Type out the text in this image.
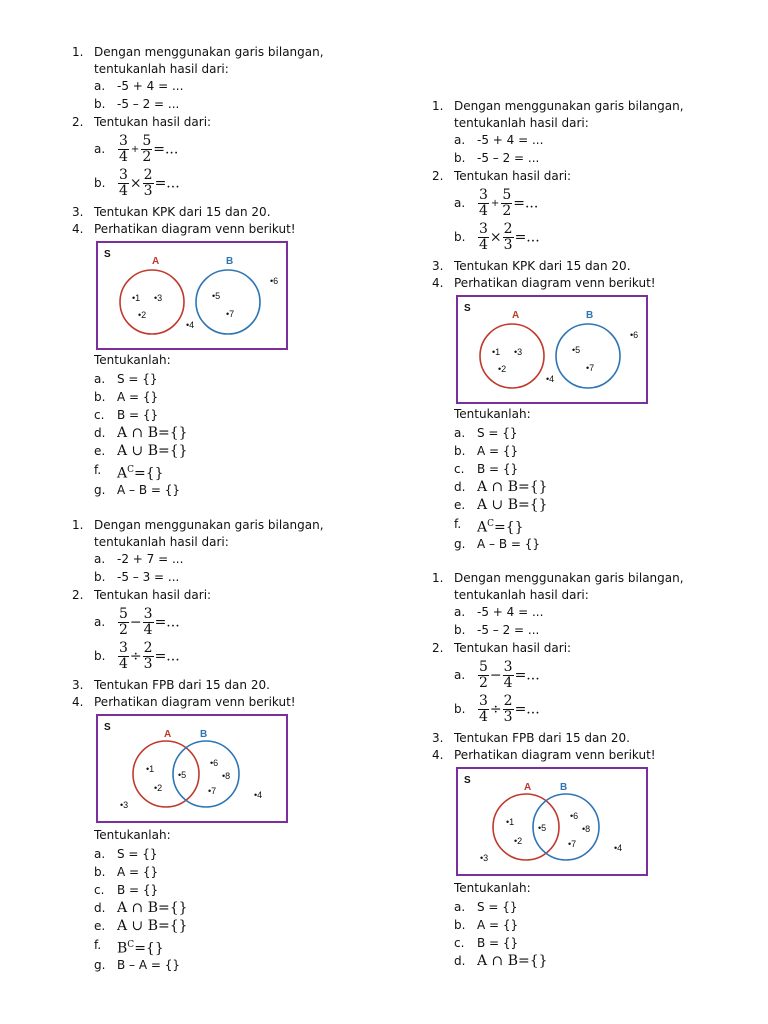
1. Dengan menggunakan garis bilangan,
tentukanlah hasil dari:
a. -5 + 4 = ...
b. -5 – 2 = ...
2. Tentukan hasil dari:
a. $\frac{3}{4} + \frac{5}{2}$ =...
b. $\frac{3}{4} \times \frac{2}{3}$ =...
3. Tentukan KPK dari 15 dan 20.
4. Perhatikan diagram venn berikut!
S
A	B
•1 •3
•2
•5
•7
•6
•4
Tentukanlah:
a. S = {}
b. A = {}
c. B = {}
d. A ∩ B={}
e. A ∪ B={}
f. $A^C=\{\}$
g. A – B = {}
1. Dengan menggunakan garis bilangan,
tentukanlah hasil dari:
a. -5 + 4 = ...
b. -5 – 2 = ...
2. Tentukan hasil dari:
a. $\frac{3}{4} + \frac{5}{2}$ =...
b. $\frac{3}{4} \times \frac{2}{3}$ =...
3. Tentukan KPK dari 15 dan 20.
4. Perhatikan diagram venn berikut!
S
A	B
•1 •3
•2
•5
•7
•6
•4
Tentukanlah:
a. S = {}
b. A = {}
c. B = {}
d. A ∩ B={}
e. A ∪ B={}
f. $A^C=\{\}$
g. A – B = {}
1. Dengan menggunakan garis bilangan,
tentukanlah hasil dari:
a. -2 + 7 = ...
b. -5 – 3 = ...
2. Tentukan hasil dari:
a. $\frac{5}{2} - \frac{3}{4}$ =...
b. $\frac{3}{4} \div \frac{2}{3}$ =...
3. Tentukan FPB dari 15 dan 20.
4. Perhatikan diagram venn berikut!
S
A	B
•1
•2
•5
•6
•8
•7	•4
•3
Tentukanlah:
a. S = {}
b. A = {}
c. B = {}
d. A ∩ B={}
e. A ∪ B={}
f. $B^C=\{\}$
g. B – A = {}
1. Dengan menggunakan garis bilangan,
tentukanlah hasil dari:
a. -5 + 4 = ...
b. -5 – 2 = ...
2. Tentukan hasil dari:
a. $\frac{5}{2} - \frac{3}{4}$ =...
b. $\frac{3}{4} \div \frac{2}{3}$ =...
3. Tentukan FPB dari 15 dan 20.
4. Perhatikan diagram venn berikut!
S
A	B
•1
•2
•5
•6
•8
•7	•4
•3
Tentukanlah:
a. S = {}
b. A = {}
c. B = {}
d. A ∩ B={}
